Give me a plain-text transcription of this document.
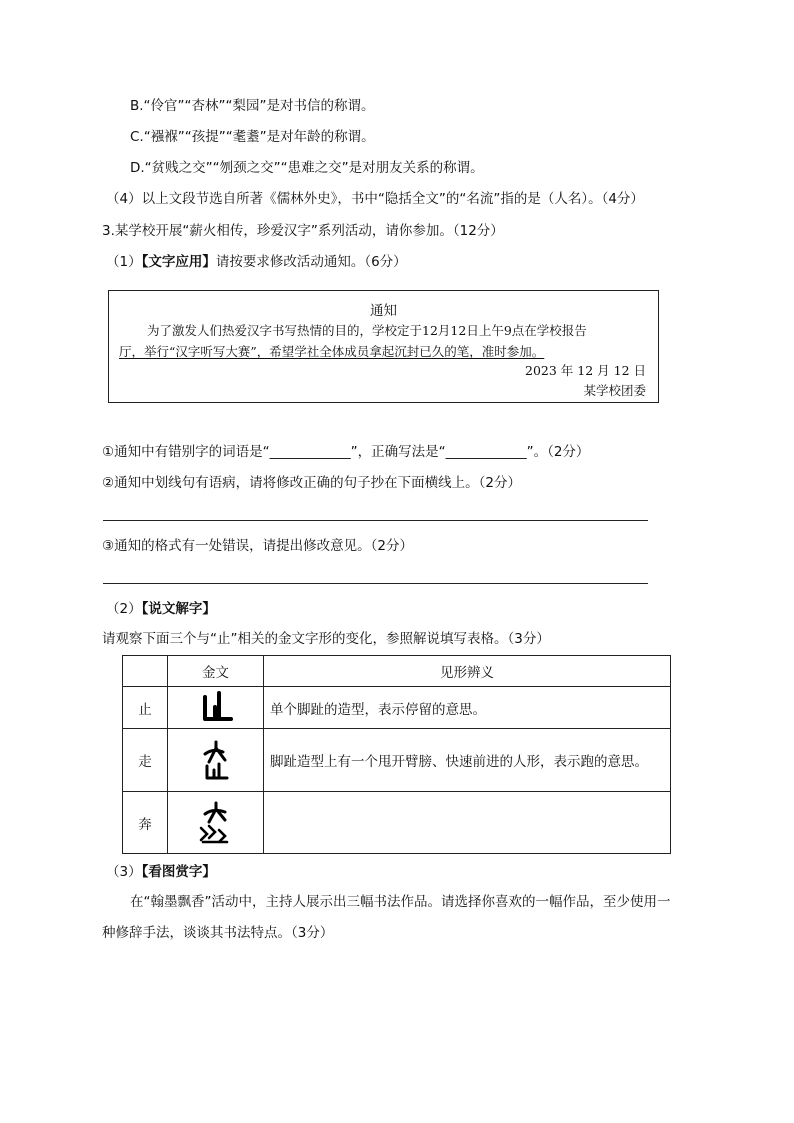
B.“伶官”“杏林”“梨园”是对书信的称谓。
C.“襁褓”“孩提”“耄耋”是对年龄的称谓。
D.“贫贱之交”“刎颈之交”“患难之交”是对朋友关系的称谓。
（4）以上文段节选自所著《儒林外史》，书中“隐括全文”的“名流”指的是（人名）。（4分）
3.某学校开展“薪火相传，珍爱汉字”系列活动，请你参加。（12分）
（1）【文字应用】请按要求修改活动通知。（6分）
通知
为了激发人们热爱汉字书写热情的目的，学校定于12月12日上午9点在学校报告
厅，举行“汉字听写大赛”，希望学社全体成员拿起沉封已久的笔，准时参加。
2023 年 12 月 12 日
某学校团委
①通知中有错别字的词语是“____________”，正确写法是“____________”。（2分）
②通知中划线句有语病，请将修改正确的句子抄在下面横线上。（2分）
③通知的格式有一处错误，请提出修改意见。（2分）
（2）【说文解字】
请观察下面三个与“止”相关的金文字形的变化，参照解说填写表格。（3分）
	金文	见形辨义
止		单个脚趾的造型，表示停留的意思。
走		脚趾造型上有一个甩开臂膀、快速前进的人形，表示跑的意思。
奔	

（3）【看图赏字】
在“翰墨飘香”活动中，主持人展示出三幅书法作品。请选择你喜欢的一幅作品，至少使用一
种修辞手法，谈谈其书法特点。（3分）
